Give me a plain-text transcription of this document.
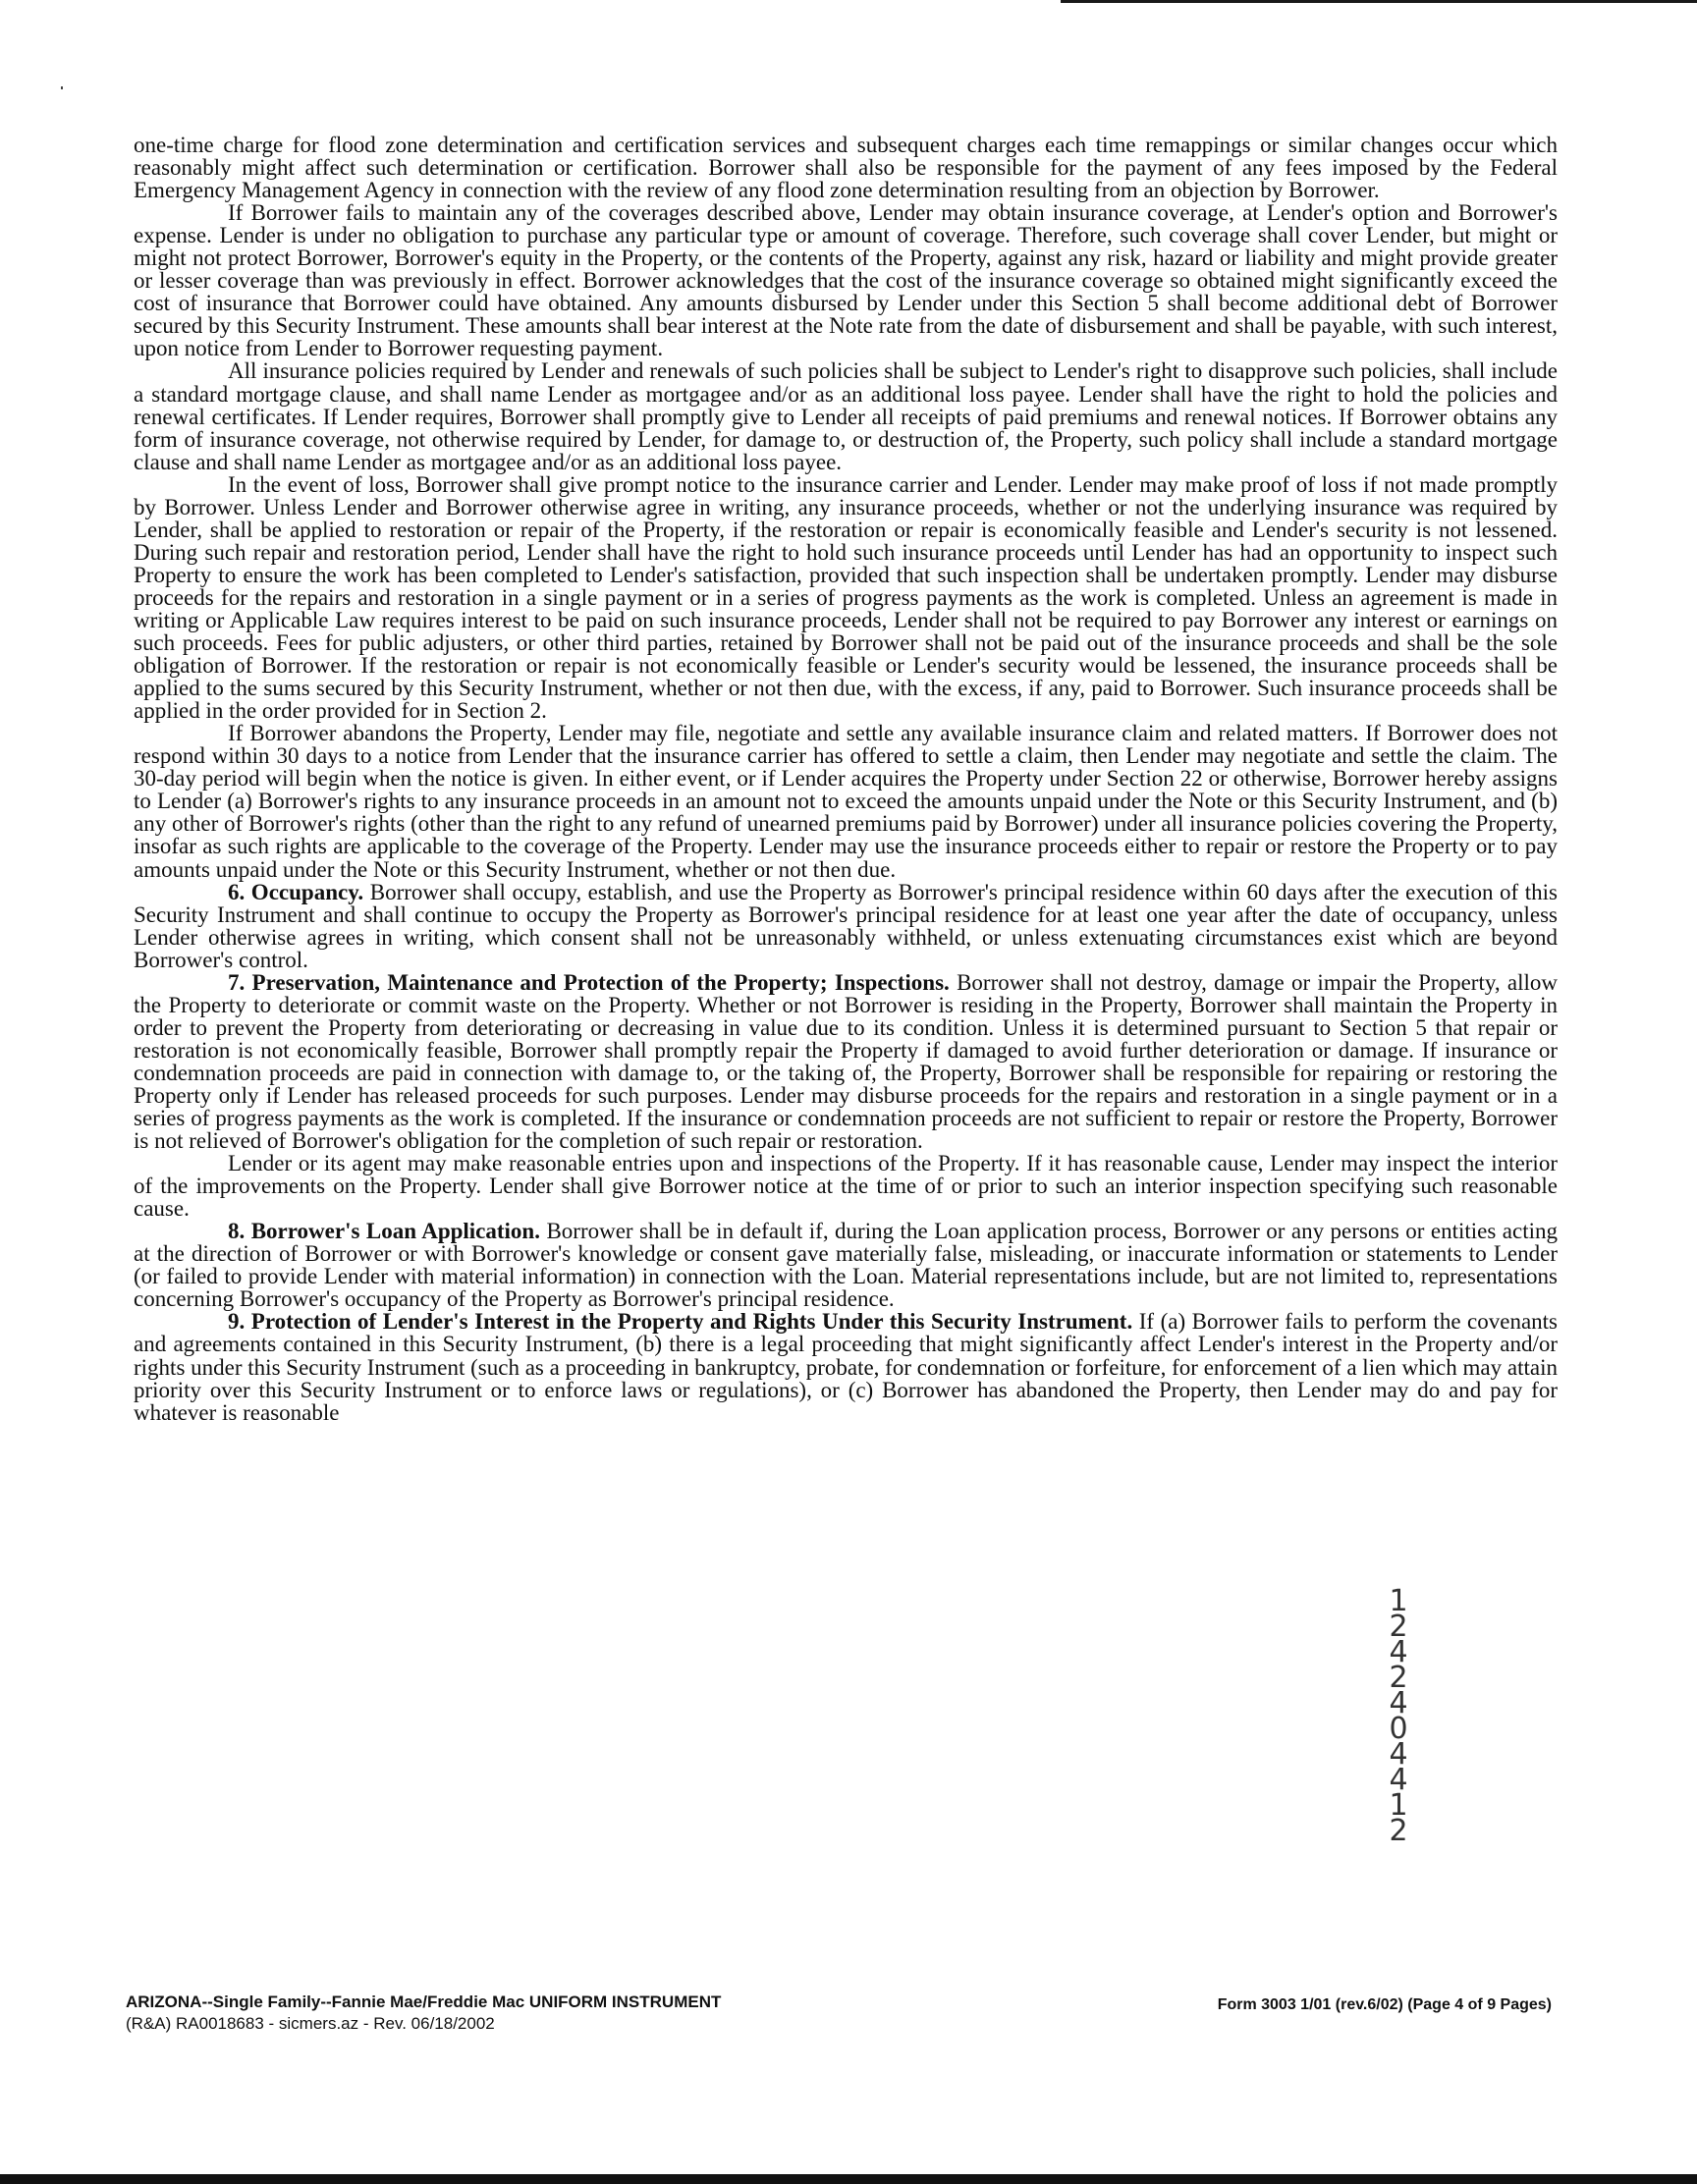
one-time charge for flood zone determination and certification services and subsequent charges each time remappings or similar changes occur which reasonably might affect such determination or certification. Borrower shall also be responsible for the payment of any fees imposed by the Federal Emergency Management Agency in connection with the review of any flood zone determination resulting from an objection by Borrower.

If Borrower fails to maintain any of the coverages described above, Lender may obtain insurance coverage, at Lender's option and Borrower's expense. Lender is under no obligation to purchase any particular type or amount of coverage. Therefore, such coverage shall cover Lender, but might or might not protect Borrower, Borrower's equity in the Property, or the contents of the Property, against any risk, hazard or liability and might provide greater or lesser coverage than was previously in effect. Borrower acknowledges that the cost of the insurance coverage so obtained might significantly exceed the cost of insurance that Borrower could have obtained. Any amounts disbursed by Lender under this Section 5 shall become additional debt of Borrower secured by this Security Instrument. These amounts shall bear interest at the Note rate from the date of disbursement and shall be payable, with such interest, upon notice from Lender to Borrower requesting payment.

All insurance policies required by Lender and renewals of such policies shall be subject to Lender's right to disapprove such policies, shall include a standard mortgage clause, and shall name Lender as mortgagee and/or as an additional loss payee. Lender shall have the right to hold the policies and renewal certificates. If Lender requires, Borrower shall promptly give to Lender all receipts of paid premiums and renewal notices. If Borrower obtains any form of insurance coverage, not otherwise required by Lender, for damage to, or destruction of, the Property, such policy shall include a standard mortgage clause and shall name Lender as mortgagee and/or as an additional loss payee.

In the event of loss, Borrower shall give prompt notice to the insurance carrier and Lender. Lender may make proof of loss if not made promptly by Borrower. Unless Lender and Borrower otherwise agree in writing, any insurance proceeds, whether or not the underlying insurance was required by Lender, shall be applied to restoration or repair of the Property, if the restoration or repair is economically feasible and Lender's security is not lessened. During such repair and restoration period, Lender shall have the right to hold such insurance proceeds until Lender has had an opportunity to inspect such Property to ensure the work has been completed to Lender's satisfaction, provided that such inspection shall be undertaken promptly. Lender may disburse proceeds for the repairs and restoration in a single payment or in a series of progress payments as the work is completed. Unless an agreement is made in writing or Applicable Law requires interest to be paid on such insurance proceeds, Lender shall not be required to pay Borrower any interest or earnings on such proceeds. Fees for public adjusters, or other third parties, retained by Borrower shall not be paid out of the insurance proceeds and shall be the sole obligation of Borrower. If the restoration or repair is not economically feasible or Lender's security would be lessened, the insurance proceeds shall be applied to the sums secured by this Security Instrument, whether or not then due, with the excess, if any, paid to Borrower. Such insurance proceeds shall be applied in the order provided for in Section 2.

If Borrower abandons the Property, Lender may file, negotiate and settle any available insurance claim and related matters. If Borrower does not respond within 30 days to a notice from Lender that the insurance carrier has offered to settle a claim, then Lender may negotiate and settle the claim. The 30-day period will begin when the notice is given. In either event, or if Lender acquires the Property under Section 22 or otherwise, Borrower hereby assigns to Lender (a) Borrower's rights to any insurance proceeds in an amount not to exceed the amounts unpaid under the Note or this Security Instrument, and (b) any other of Borrower's rights (other than the right to any refund of unearned premiums paid by Borrower) under all insurance policies covering the Property, insofar as such rights are applicable to the coverage of the Property. Lender may use the insurance proceeds either to repair or restore the Property or to pay amounts unpaid under the Note or this Security Instrument, whether or not then due.

6. Occupancy. Borrower shall occupy, establish, and use the Property as Borrower's principal residence within 60 days after the execution of this Security Instrument and shall continue to occupy the Property as Borrower's principal residence for at least one year after the date of occupancy, unless Lender otherwise agrees in writing, which consent shall not be unreasonably withheld, or unless extenuating circumstances exist which are beyond Borrower's control.

7. Preservation, Maintenance and Protection of the Property; Inspections. Borrower shall not destroy, damage or impair the Property, allow the Property to deteriorate or commit waste on the Property. Whether or not Borrower is residing in the Property, Borrower shall maintain the Property in order to prevent the Property from deteriorating or decreasing in value due to its condition. Unless it is determined pursuant to Section 5 that repair or restoration is not economically feasible, Borrower shall promptly repair the Property if damaged to avoid further deterioration or damage. If insurance or condemnation proceeds are paid in connection with damage to, or the taking of, the Property, Borrower shall be responsible for repairing or restoring the Property only if Lender has released proceeds for such purposes. Lender may disburse proceeds for the repairs and restoration in a single payment or in a series of progress payments as the work is completed. If the insurance or condemnation proceeds are not sufficient to repair or restore the Property, Borrower is not relieved of Borrower's obligation for the completion of such repair or restoration.

Lender or its agent may make reasonable entries upon and inspections of the Property. If it has reasonable cause, Lender may inspect the interior of the improvements on the Property. Lender shall give Borrower notice at the time of or prior to such an interior inspection specifying such reasonable cause.

8. Borrower's Loan Application. Borrower shall be in default if, during the Loan application process, Borrower or any persons or entities acting at the direction of Borrower or with Borrower's knowledge or consent gave materially false, misleading, or inaccurate information or statements to Lender (or failed to provide Lender with material information) in connection with the Loan. Material representations include, but are not limited to, representations concerning Borrower's occupancy of the Property as Borrower's principal residence.

9. Protection of Lender's Interest in the Property and Rights Under this Security Instrument. If (a) Borrower fails to perform the covenants and agreements contained in this Security Instrument, (b) there is a legal proceeding that might significantly affect Lender's interest in the Property and/or rights under this Security Instrument (such as a proceeding in bankruptcy, probate, for condemnation or forfeiture, for enforcement of a lien which may attain priority over this Security Instrument or to enforce laws or regulations), or (c) Borrower has abandoned the Property, then Lender may do and pay for whatever is reasonable

1
2
4
2
4
0
4
4
1
2
ARIZONA--Single Family--Fannie Mae/Freddie Mac UNIFORM INSTRUMENT
(R&A) RA0018683 - sicmers.az - Rev. 06/18/2002
Form 3003 1/01 (rev.6/02) (Page 4 of 9 Pages)
